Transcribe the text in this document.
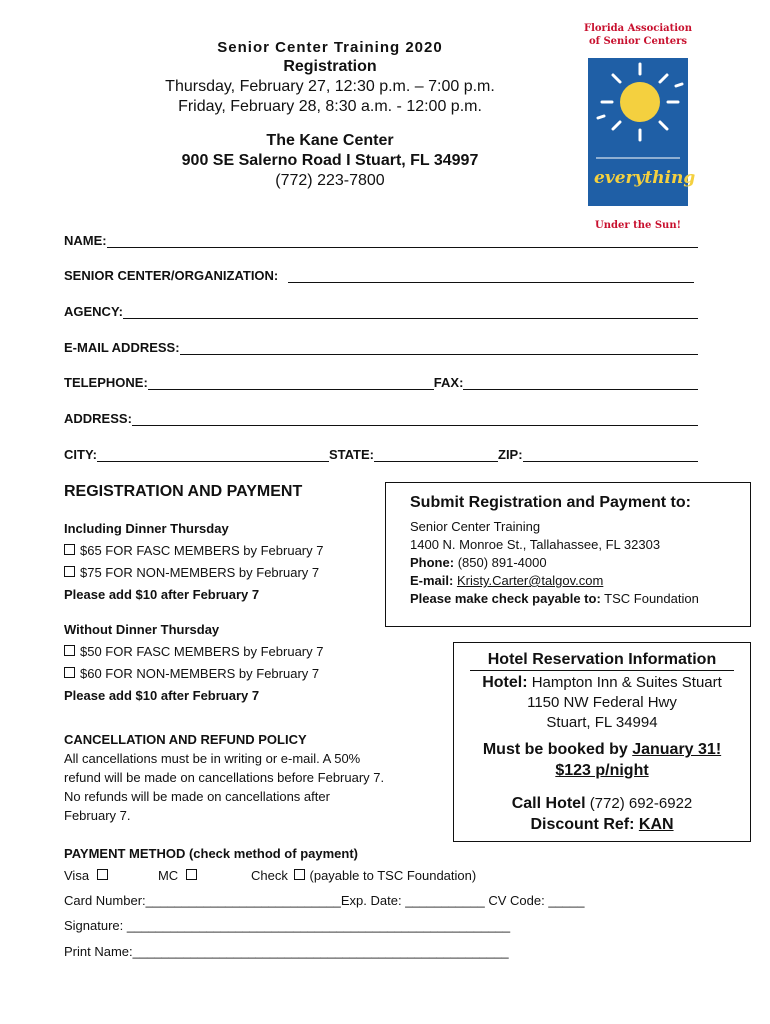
Senior Center Training 2020
Registration
Thursday, February 27, 12:30 p.m. – 7:00 p.m.
Friday, February 28, 8:30 a.m. - 12:00 p.m.
The Kane Center
900 SE Salerno Road I Stuart, FL 34997
(772) 223-7800
Florida Association
of Senior Centers
everything
Under the Sun!
NAME:
SENIOR CENTER/ORGANIZATION:
AGENCY:
E-MAIL ADDRESS:
TELEPHONE:	FAX:
ADDRESS:
CITY:	STATE:	ZIP:
REGISTRATION AND PAYMENT
Including Dinner Thursday
$65 FOR FASC MEMBERS by February 7
$75 FOR NON-MEMBERS by February 7
Please add $10 after February 7
Without Dinner Thursday
$50 FOR FASC MEMBERS by February 7
$60 FOR NON-MEMBERS by February 7
Please add $10 after February 7
Submit Registration and Payment to:
Senior Center Training
1400 N. Monroe St., Tallahassee, FL 32303
Phone: (850) 891-4000
E-mail: Kristy.Carter@talgov.com
Please make check payable to: TSC Foundation
Hotel Reservation Information
Hotel: Hampton Inn & Suites Stuart
1150 NW Federal Hwy
Stuart, FL 34994
Must be booked by January 31!
$123 p/night
Call Hotel (772) 692-6922
Discount Ref: KAN
CANCELLATION AND REFUND POLICY
All cancellations must be in writing or e-mail. A 50%
refund will be made on cancellations before February 7.
No refunds will be made on cancellations after
February 7.
PAYMENT METHOD (check method of payment)
Visa	MC	Check (payable to TSC Foundation)
Card Number:___________________________Exp. Date: ___________ CV Code: _____
Signature: _____________________________________________________
Print Name:____________________________________________________
